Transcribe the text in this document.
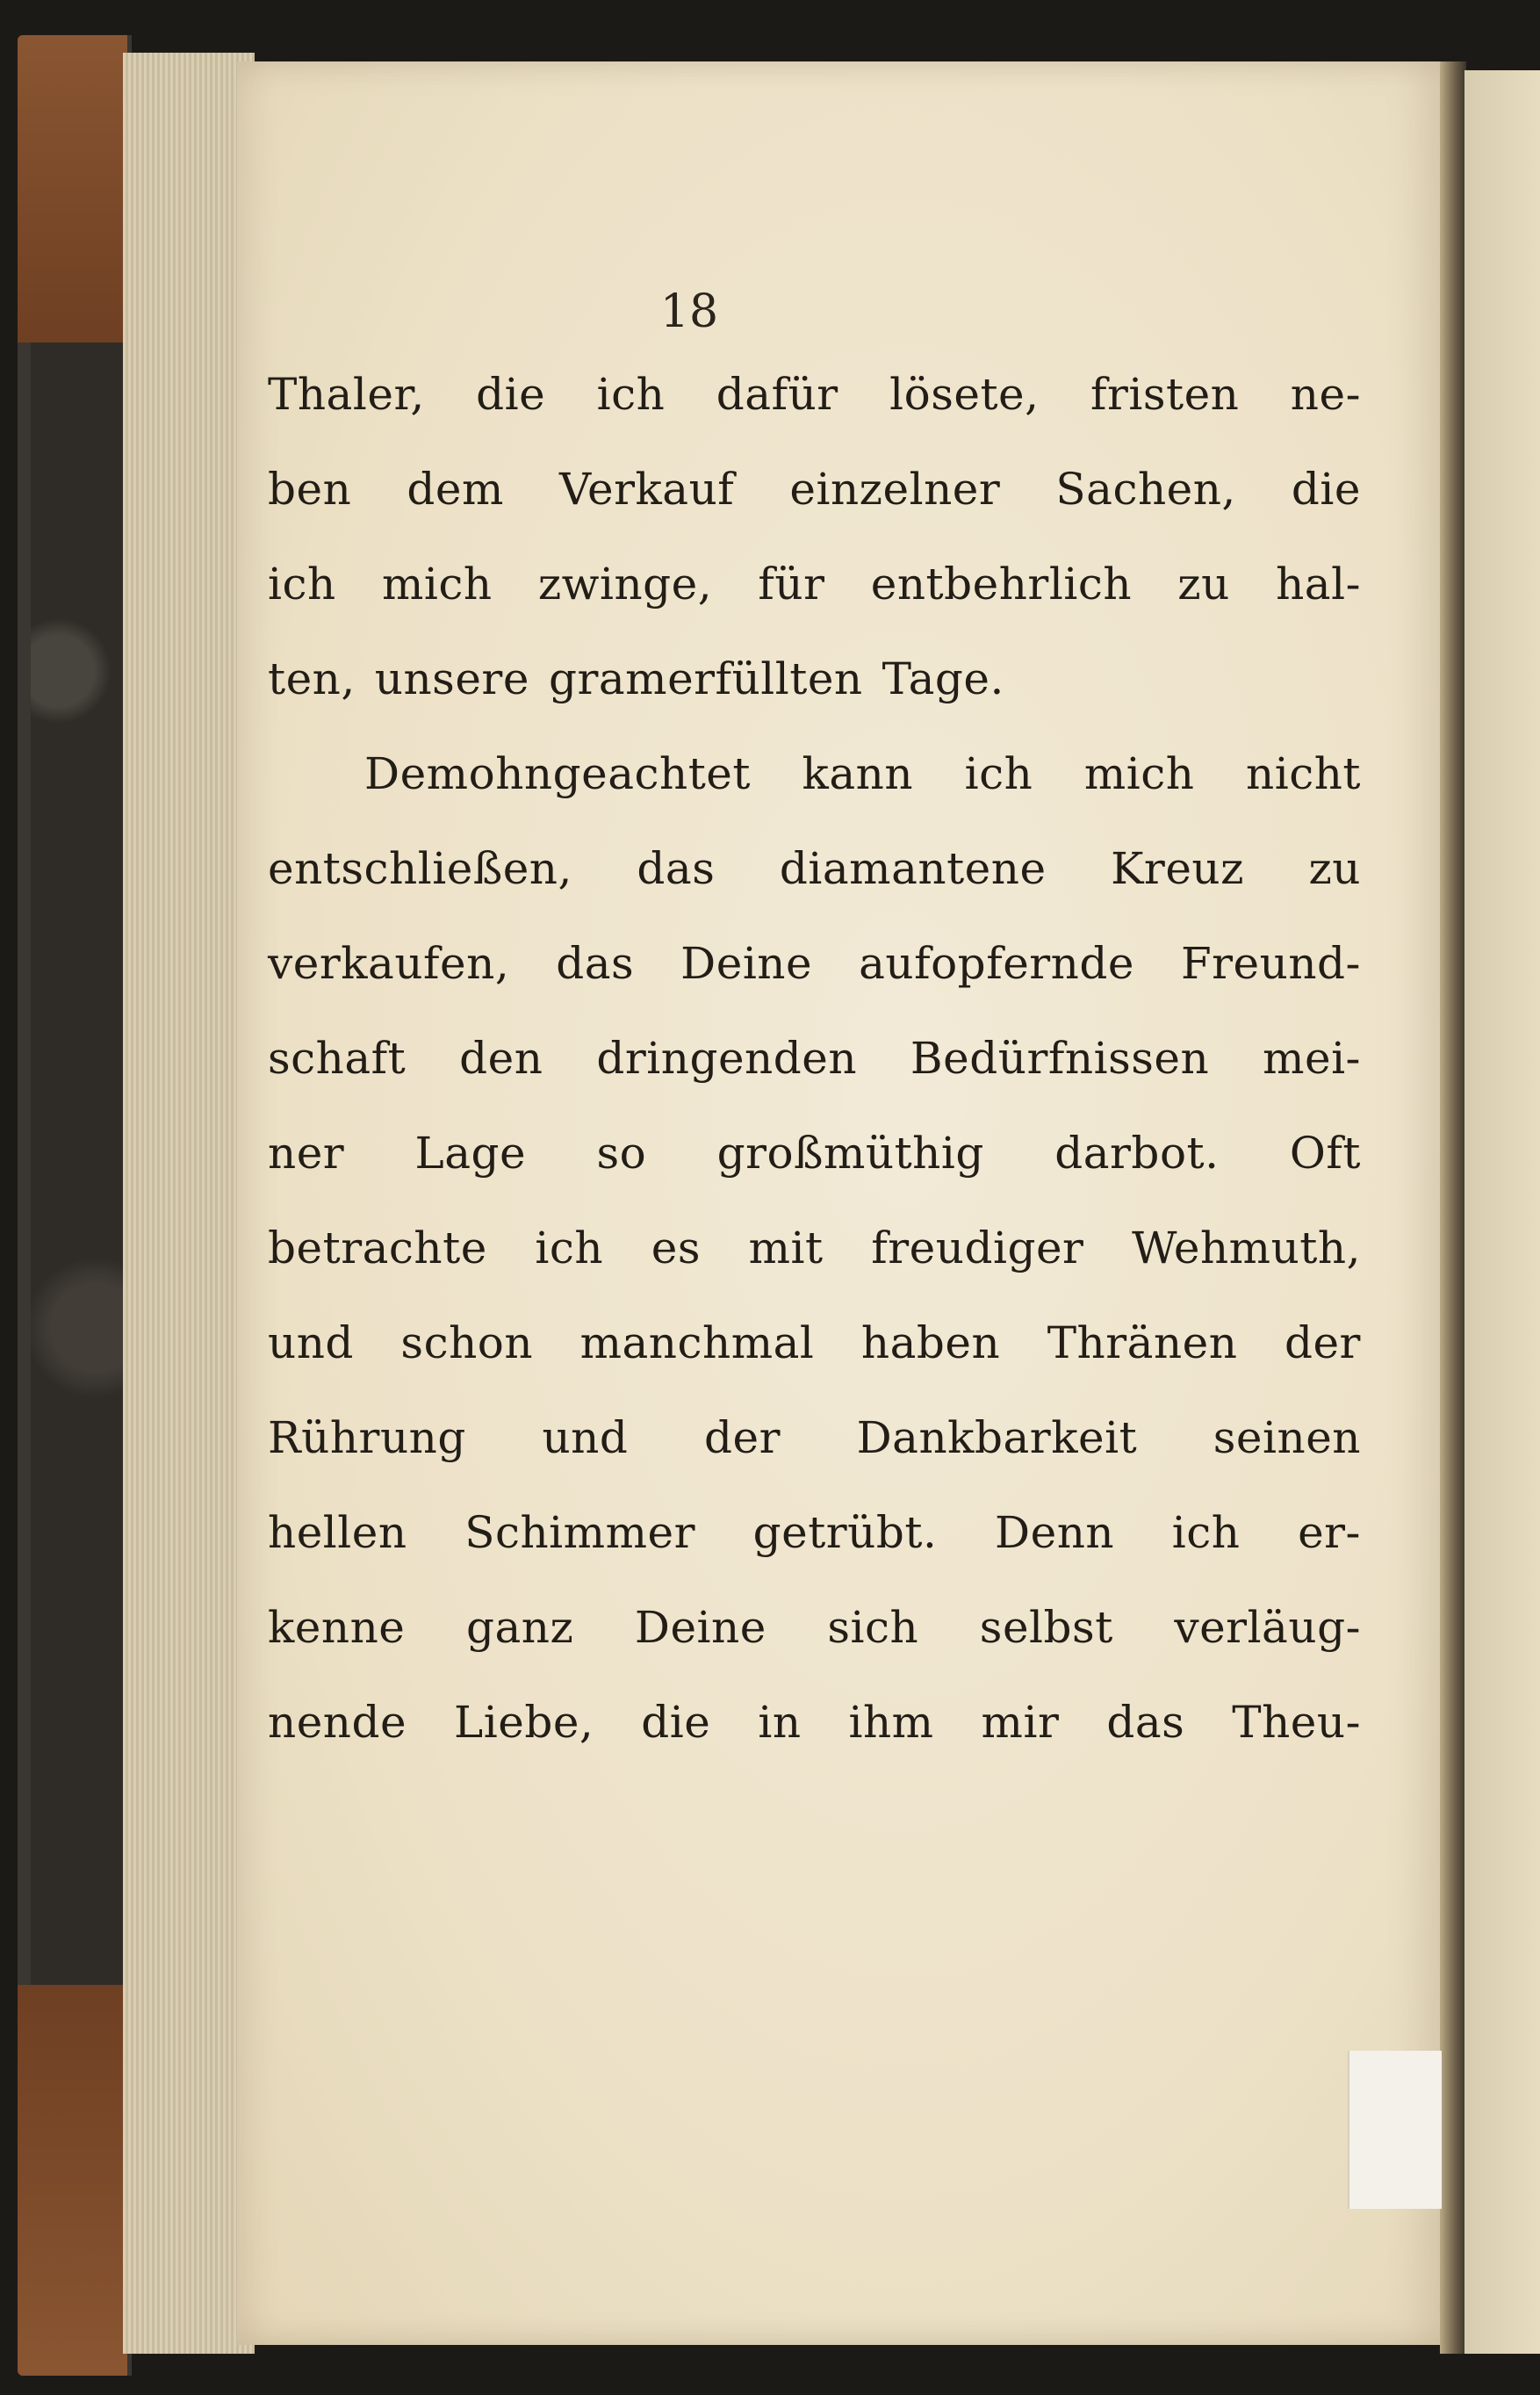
18
Thaler, die ich dafür lösete, fristen ne-
ben dem Verkauf einzelner Sachen, die
ich mich zwinge, für entbehrlich zu hal-
ten, unsere gramerfüllten Tage.
Demohngeachtet kann ich mich nicht
entschließen, das diamantene Kreuz zu
verkaufen, das Deine aufopfernde Freund-
schaft den dringenden Bedürfnissen mei-
ner Lage so großmüthig darbot. Oft
betrachte ich es mit freudiger Wehmuth,
und schon manchmal haben Thränen der
Rührung und der Dankbarkeit seinen
hellen Schimmer getrübt. Denn ich er-
kenne ganz Deine sich selbst verläug-
nende Liebe, die in ihm mir das Theu-
